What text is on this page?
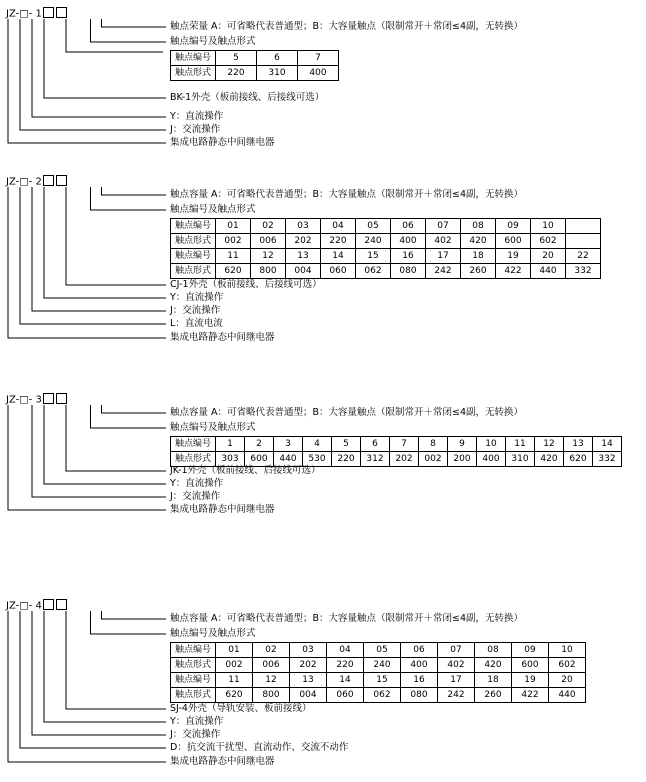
JZ-□- 1
触点荣量 A：可省略代表普通型；B：大容量触点（限制常开＋常闭≤4副，无转换）
触点编号及触点形式
触点编号	5	6	7
触点形式	220	310	400
BK-1外壳（板前接线、后接线可选）
Y：直流操作
J：交流操作
集成电路静态中间继电器
JZ-□- 2
触点容量 A：可省略代表普通型；B：大容量触点（限制常开＋常闭≤4副，无转换）
触点编号及触点形式
触点编号	01	02	03	04	05	06	07	08	09	10	
触点形式	002	006	202	220	240	400	402	420	600	602	
触点编号	11	12	13	14	15	16	17	18	19	20	22
触点形式	620	800	004	060	062	080	242	260	422	440	332
CJ-1外壳（板前接线、后接线可选）
Y：直流操作
J：交流操作
L：直流电流
集成电路静态中间继电器
JZ-□- 3
触点容量 A：可省略代表普通型；B：大容量触点（限制常开＋常闭≤4副，无转换）
触点编号及触点形式
触点编号	1	2	3	4	5	6	7	8	9	10	11	12	13	14
触点形式	303	600	440	530	220	312	202	002	200	400	310	420	620	332
JK-1外壳（板前接线、后接线可选）
Y：直流操作
J：交流操作
集成电路静态中间继电器
JZ-□- 4
触点容量 A：可省略代表普通型；B：大容量触点（限制常开＋常闭≤4副，无转换）
触点编号及触点形式
触点编号	01	02	03	04	05	06	07	08	09	10
触点形式	002	006	202	220	240	400	402	420	600	602
触点编号	11	12	13	14	15	16	17	18	19	20
触点形式	620	800	004	060	062	080	242	260	422	440
SJ-4外壳（导轨安装、板前接线）
Y：直流操作
J：交流操作
D：抗交流干扰型、直流动作、交流不动作
集成电路静态中间继电器
